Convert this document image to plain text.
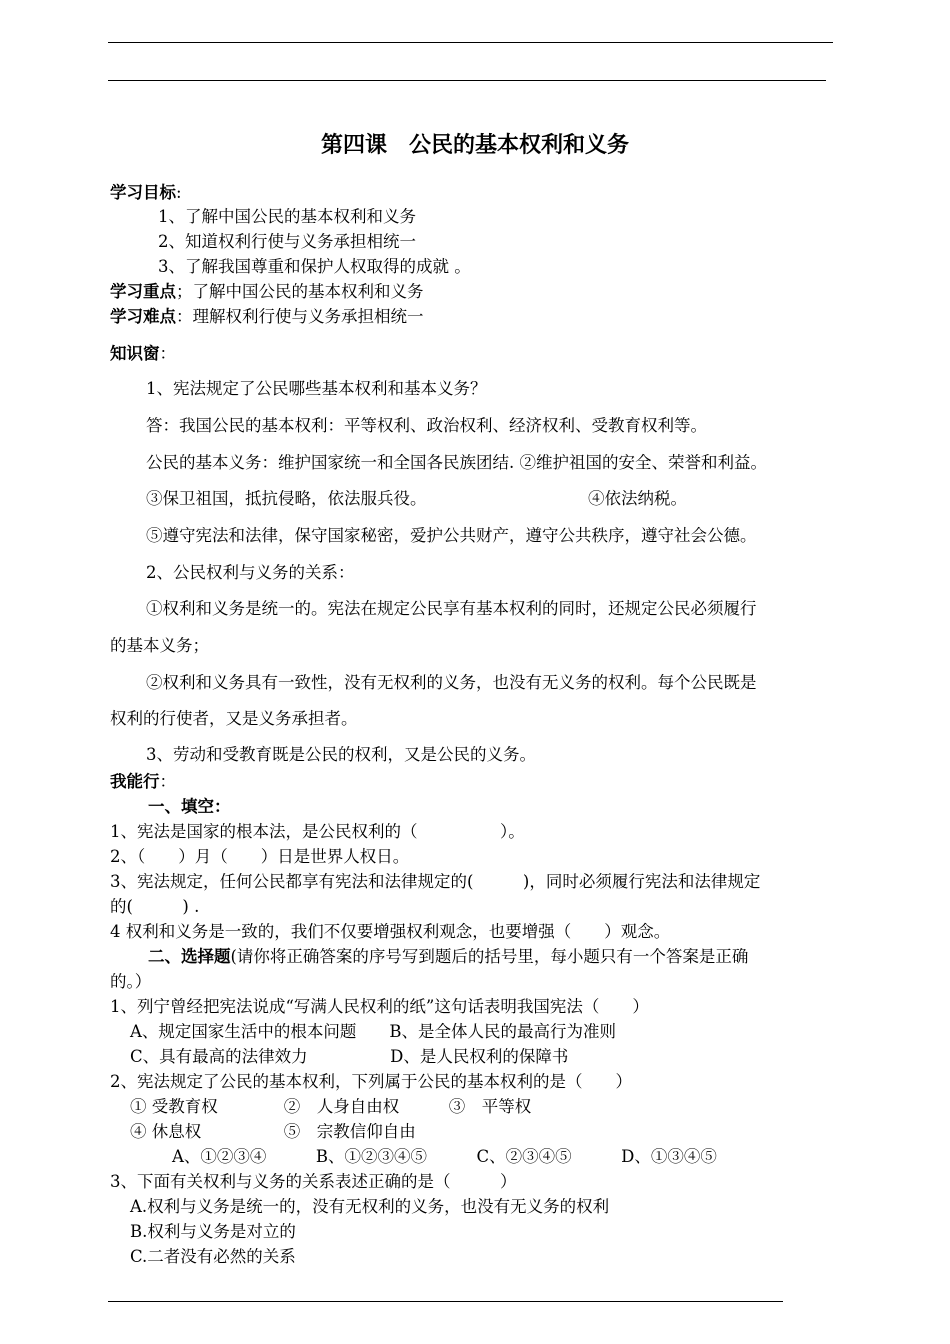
第四课　公民的基本权利和义务
学习目标:
1、了解中国公民的基本权利和义务
2、知道权利行使与义务承担相统一
3、了解我国尊重和保护人权取得的成就 。
学习重点；了解中国公民的基本权利和义务
学习难点：理解权利行使与义务承担相统一
知识窗：
1、宪法规定了公民哪些基本权利和基本义务？
答：我国公民的基本权利：平等权利、政治权利、经济权利、受教育权利等。
公民的基本义务：维护国家统一和全国各民族团结. ②维护祖国的安全、荣誉和利益。
③保卫祖国，抵抗侵略，依法服兵役。	④依法纳税。
⑤遵守宪法和法律，保守国家秘密，爱护公共财产，遵守公共秩序，遵守社会公德。
2、公民权利与义务的关系：
①权利和义务是统一的。宪法在规定公民享有基本权利的同时，还规定公民必须履行
的基本义务；
②权利和义务具有一致性，没有无权利的义务，也没有无义务的权利。每个公民既是
权利的行使者，又是义务承担者。
3、劳动和受教育既是公民的权利，又是公民的义务。
我能行：
一、填空：
1、宪法是国家的根本法，是公民权利的（　　　　　）。
2、（　　）月（　　）日是世界人权日。
3、宪法规定，任何公民都享有宪法和法律规定的(　　　)，同时必须履行宪法和法律规定
的(　　　) .
4 权利和义务是一致的，我们不仅要增强权利观念，也要增强（　　）观念。
二、选择题(请你将正确答案的序号写到题后的括号里，每小题只有一个答案是正确
的。）
1、列宁曾经把宪法说成“写满人民权利的纸”这句话表明我国宪法（　　）
A、规定国家生活中的根本问题　　B、是全体人民的最高行为准则
C、具有最高的法律效力　　　　　D、是人民权利的保障书
2、宪法规定了公民的基本权利，下列属于公民的基本权利的是（　　）
① 受教育权　　　　②　人身自由权　　　③　平等权
④ 休息权　　　　　⑤　宗教信仰自由
A、①②③④　　　B、①②③④⑤　　　C、②③④⑤　　　D、①③④⑤
3、下面有关权利与义务的关系表述正确的是（　　　）
A.权利与义务是统一的，没有无权利的义务，也没有无义务的权利
B.权利与义务是对立的
C.二者没有必然的关系
